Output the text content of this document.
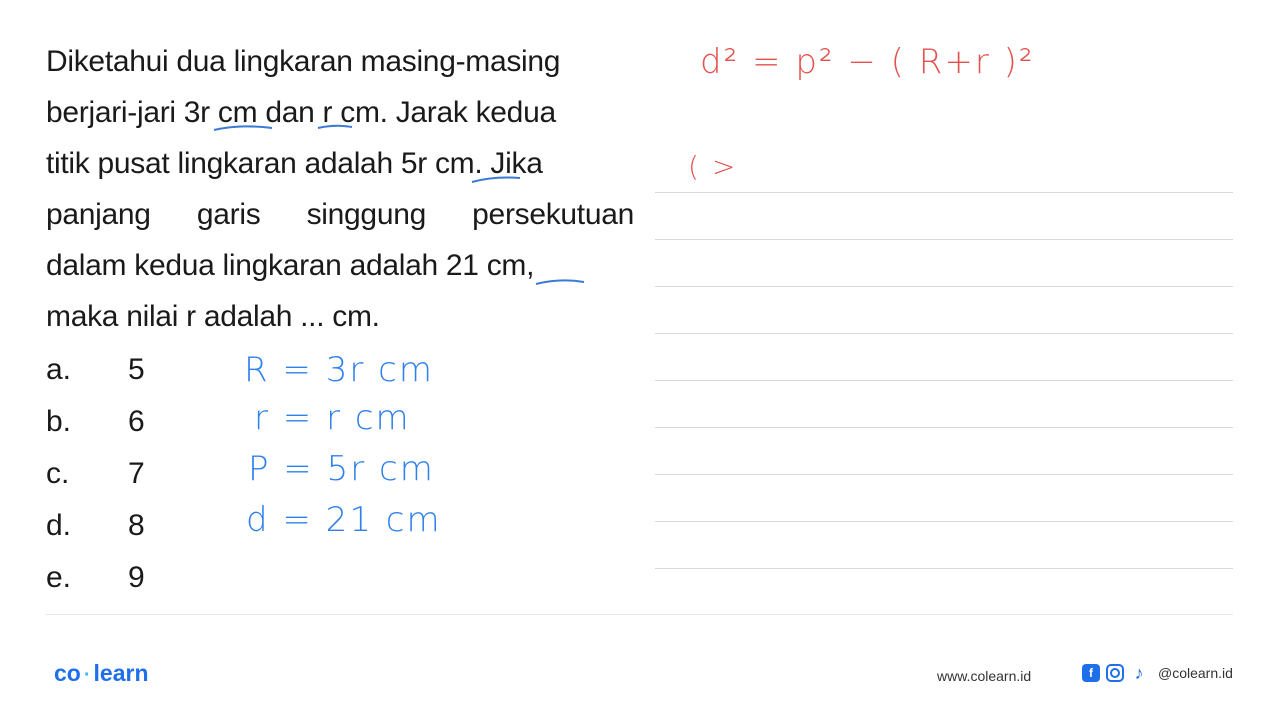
Diketahui dua lingkaran masing-masing
berjari-jari 3r cm dan r cm. Jarak kedua
titik pusat lingkaran adalah 5r cm. Jika
panjang garis singgung persekutuan
dalam kedua lingkaran adalah 21 cm,
maka nilai r adalah ... cm.
a.	5
b.	6
c.	7
d.	8
e.	9
d² = p² − ( R+r )²
( >
R = 3r cm
r = r cm
P = 5r cm
d = 21 cm
co · learn	www.colearn.id	f	♪	@colearn.id
